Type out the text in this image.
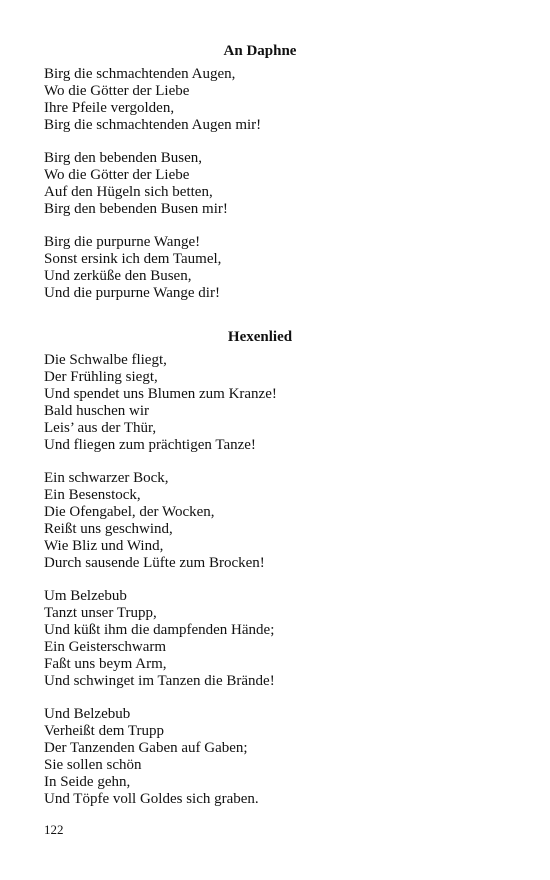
An Daphne
Birg die schmachtenden Augen,
Wo die Götter der Liebe
Ihre Pfeile vergolden,
Birg die schmachtenden Augen mir!
Birg den bebenden Busen,
Wo die Götter der Liebe
Auf den Hügeln sich betten,
Birg den bebenden Busen mir!
Birg die purpurne Wange!
Sonst ersink ich dem Taumel,
Und zerküße den Busen,
Und die purpurne Wange dir!
Hexenlied
Die Schwalbe fliegt,
Der Frühling siegt,
Und spendet uns Blumen zum Kranze!
Bald huschen wir
Leis’ aus der Thür,
Und fliegen zum prächtigen Tanze!
Ein schwarzer Bock,
Ein Besenstock,
Die Ofengabel, der Wocken,
Reißt uns geschwind,
Wie Bliz und Wind,
Durch sausende Lüfte zum Brocken!
Um Belzebub
Tanzt unser Trupp,
Und küßt ihm die dampfenden Hände;
Ein Geisterschwarm
Faßt uns beym Arm,
Und schwinget im Tanzen die Brände!
Und Belzebub
Verheißt dem Trupp
Der Tanzenden Gaben auf Gaben;
Sie sollen schön
In Seide gehn,
Und Töpfe voll Goldes sich graben.
122
